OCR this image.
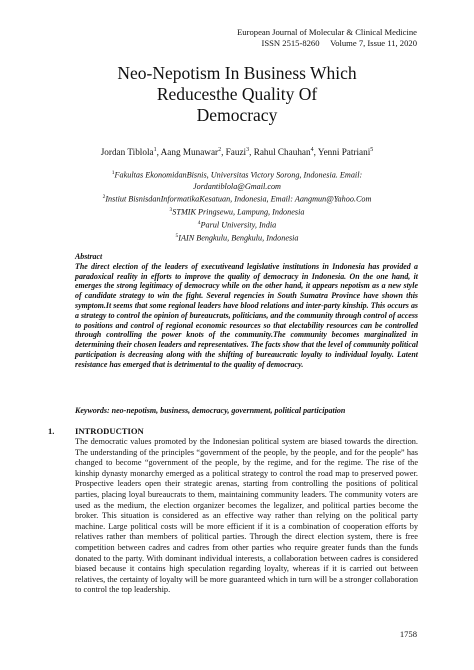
European Journal of Molecular & Clinical Medicine
ISSN 2515-8260     Volume 7, Issue 11, 2020
Neo-Nepotism In Business Which
Reducesthe Quality Of
Democracy
Jordan Tiblola$^1$, Aang Munawar$^2$, Fauzi$^3$, Rahul Chauhan$^4$, Yenni Patriani$^5$
$^1$Fakultas EkonomidanBisnis, Universitas Victory Sorong, Indonesia. Email:
Jordantiblola@Gmail.com
$^2$Instiut BisnisdanInformatikaKesatuan, Indonesia, Email: Aangmun@Yahoo.Com
$^3$STMIK Pringsewu, Lampung, Indonesia
$^4$Parul University, India
$^5$IAIN Bengkulu, Bengkulu, Indonesia
Abstract
The direct election of the leaders of executiveand legislative institutions in Indonesia has provided a paradoxical reality in efforts to improve the quality of democracy in Indonesia. On the one hand, it emerges the strong legitimacy of democracy while on the other hand, it appears nepotism as a new style of candidate strategy to win the fight. Several regencies in South Sumatra Province have shown this symptom.It seems that some regional leaders have blood relations and inter-party kinship. This occurs as a strategy to control the opinion of bureaucrats, politicians, and the community through control of access to positions and control of regional economic resources so that electability resources can be controlled through controlling the power knots of the community.The community becomes marginalized in determining their chosen leaders and representatives. The facts show that the level of community political participation is decreasing along with the shifting of bureaucratic loyalty to individual loyalty. Latent resistance has emerged that is detrimental to the quality of democracy.
Keywords: neo-nepotism, business, democracy, government, political participation
1. INTRODUCTION
The democratic values promoted by the Indonesian political system are biased towards the direction. The understanding of the principles “government of the people, by the people, and for the people” has changed to become “government of the people, by the regime, and for the regime. The rise of the kinship dynasty monarchy emerged as a political strategy to control the road map to preserved power. Prospective leaders open their strategic arenas, starting from controlling the positions of political parties, placing loyal bureaucrats to them, maintaining community leaders. The community voters are used as the medium, the election organizer becomes the legalizer, and political parties become the broker. This situation is considered as an effective way rather than relying on the political party machine. Large political costs will be more efficient if it is a combination of cooperation efforts by relatives rather than members of political parties. Through the direct election system, there is free competition between cadres and cadres from other parties who require greater funds than the funds donated to the party. With dominant individual interests, a collaboration between cadres is considered biased because it contains high speculation regarding loyalty, whereas if it is carried out between relatives, the certainty of loyalty will be more guaranteed which in turn will be a stronger collaboration to control the top leadership.
1758
